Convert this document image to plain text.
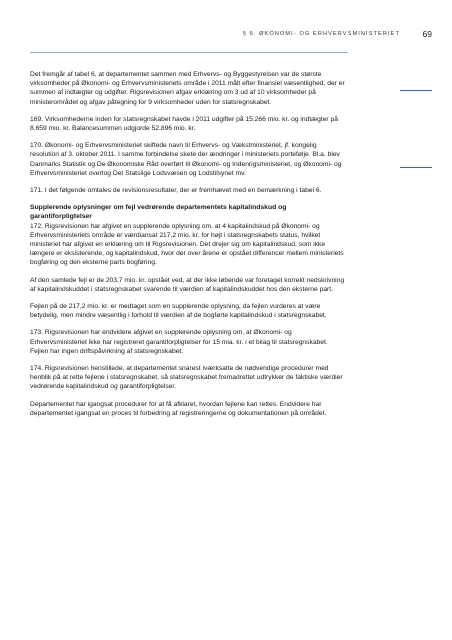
§ 6. ØKONOMI- OG ERHVERVSMINISTERIET	69

Det fremgår af tabel 6, at departementet sammen med Erhvervs- og Byggestyrelsen var de største virksomheder på Økonomi- og Erhvervsministeriets område i 2011 målt efter finansiel væsentlighed, der er summen af indtægter og udgifter. Rigsrevisionen afgav erklæring om 3 ud af 10 virksomheder på ministerområdet og afgav påtegning for 9 virksomheder uden for statsregnskabet.

169. Virksomhederne inden for statsregnskabet havde i 2011 udgifter på 15.266 mio. kr. og indtægter på 8.659 mio. kr. Balancesummen udgjorde 52.896 mio. kr.

170. Økonomi- og Erhvervsministeriet skiftede navn til Erhvervs- og Vækstministeriet, jf. kongelig resolution af 3. oktober 2011. I samme forbindelse skete der ændringer i ministeriets portefølje. Bl.a. blev Danmarks Statistik og De Økonomiske Råd overført til Økonomi- og Indenrigsministeriet, og Økonomi- og Erhvervsministeriet overtog Det Statslige Lodsvæsen og Lodstilsynet mv.

171. I det følgende omtales de revisionsresultater, der er fremhævet med en bemærkning i tabel 6.

Supplerende oplysninger om fejl vedrørende departementets kapitalindskud og garantiforpligtelser

172. Rigsrevisionen har afgivet en supplerende oplysning om, at 4 kapitalindskud på Økonomi- og Erhvervsministeriets område er værdiansat 217,2 mio. kr. for højt i statsregnskabets status, hvilket ministeriet har afgivet en erklæring om til Rigsrevisionen. Det drejer sig om kapitalindskud, som ikke længere er eksisterende, og kapitalindskud, hvor der over årene er opstået differencer mellem ministeriets bogføring og den eksterne parts bogføring.

Af den samlede fejl er de 203,7 mio. kr. opstået ved, at der ikke løbende var foretaget korrekt nedskrivning af kapitalindskuddet i statsregnskabet svarende til værdien af kapitalindskuddet hos den eksterne part.

Fejlen på de 217,2 mio. kr. er medtaget som en supplerende oplysning, da fejlen vurderes at være betydelig, men mindre væsentlig i forhold til værdien af de bogførte kapitalindskud i statsregnskabet.

173. Rigsrevisionen har endvidere afgivet en supplerende oplysning om, at Økonomi- og Erhvervsministeriet ikke har registreret garantiforpligtelser for 15 mia. kr. i et bilag til statsregnskabet. Fejlen har ingen driftspåvirkning af statsregnskabet.

174. Rigsrevisionen henstillede, at departementet snarest iværksatte de nødvendige procedurer med henblik på at rette fejlene i statsregnskabet, så statsregnskabet fremadrettet udtrykker de faktiske værdier vedrørende kapitalindskud og garantiforpligtelser.

Departementet har igangsat procedurer for at få afklaret, hvordan fejlene kan rettes. Endvidere har departementet igangsat en proces til forbedring af registreringerne og dokumentationen på området.
